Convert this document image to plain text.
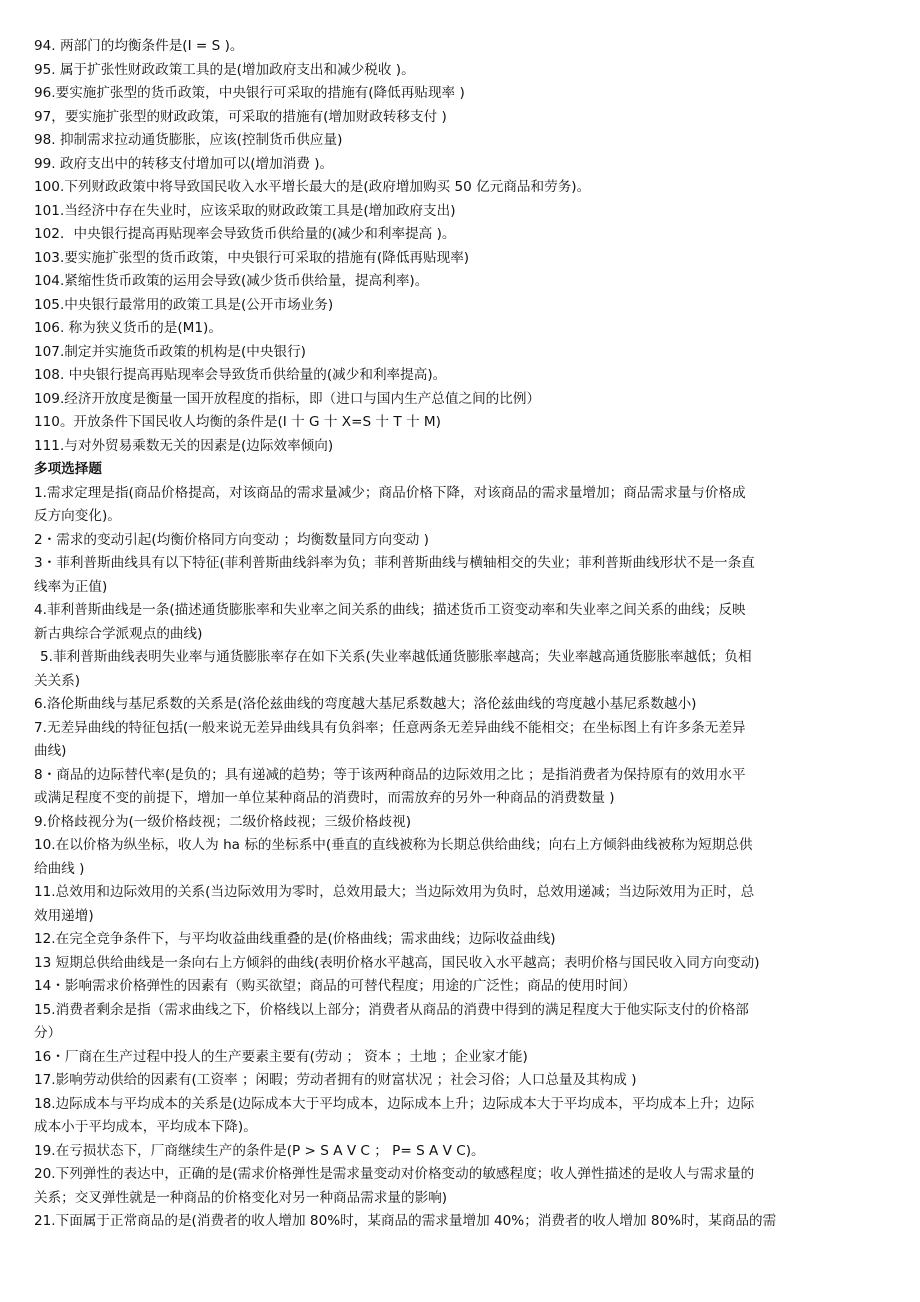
94. 两部门的均衡条件是(I = S )。

95. 属于扩张性财政政策工具的是(增加政府支出和减少税收 )。

96.要实施扩张型的货币政策，中央银行可采取的措施有(降低再贴现率 )

97，要实施扩张型的财政政策，可采取的措施有(增加财政转移支付 )

98. 抑制需求拉动通货膨胀，应该(控制货币供应量)

99. 政府支出中的转移支付增加可以(增加消费 )。

100.下列财政政策中将导致国民收入水平增长最大的是(政府增加购买 50 亿元商品和劳务)。

101.当经济中存在失业时，应该采取的财政政策工具是(增加政府支出)

102．中央银行提高再贴现率会导致货币供给量的(减少和利率提高 )。

103.要实施扩张型的货币政策，中央银行可采取的措施有(降低再贴现率)

104.紧缩性货币政策的运用会导致(减少货币供给量，提高利率)。

105.中央银行最常用的政策工具是(公开市场业务)

106. 称为狭义货币的是(M1)。

107.制定并实施货币政策的机构是(中央银行)

108. 中央银行提高再贴现率会导致货币供给量的(减少和利率提高)。

109.经济开放度是衡量一国开放程度的指标，即（进口与国内生产总值之间的比例）

110。开放条件下国民收人均衡的条件是(I 十 G 十 X=S 十 T 十 M)

111.与对外贸易乘数无关的因素是(边际效率倾向)

多项选择题

1.需求定理是指(商品价格提高，对该商品的需求量减少；商品价格下降，对该商品的需求量增加；商品需求量与价格成

反方向变化)。

2・需求的变动引起(均衡价格同方向变动 ；均衡数量同方向变动 )

3・菲利普斯曲线具有以下特征(菲利普斯曲线斜率为负；菲利普斯曲线与横轴相交的失业；菲利普斯曲线形状不是一条直

线率为正值)

4.菲利普斯曲线是一条(描述通货膨胀率和失业率之间关系的曲线；描述货币工资变动率和失业率之间关系的曲线；反映

新古典综合学派观点的曲线)

5.菲利普斯曲线表明失业率与通货膨胀率存在如下关系(失业率越低通货膨胀率越高；失业率越高通货膨胀率越低；负相

关关系)

6.洛伦斯曲线与基尼系数的关系是(洛伦兹曲线的弯度越大基尼系数越大；洛伦兹曲线的弯度越小基尼系数越小)

7.无差异曲线的特征包括(一般来说无差异曲线具有负斜率；任意两条无差异曲线不能相交；在坐标图上有许多条无差异

曲线)

8・商品的边际替代率(是负的；具有递减的趋势；等于该两种商品的边际效用之比 ；是指消费者为保持原有的效用水平

或满足程度不变的前提下，增加一单位某种商品的消费时，而需放弃的另外一种商品的消费数量 )

9.价格歧视分为(一级价格歧视；二级价格歧视；三级价格歧视)

10.在以价格为纵坐标，收人为 ha 标的坐标系中(垂直的直线被称为长期总供给曲线；向右上方倾斜曲线被称为短期总供

给曲线 )

11.总效用和边际效用的关系(当边际效用为零时，总效用最大；当边际效用为负时，总效用递减；当边际效用为正时，总

效用递增)

12.在完全竞争条件下，与平均收益曲线重叠的是(价格曲线；需求曲线；边际收益曲线)

13 短期总供给曲线是一条向右上方倾斜的曲线(表明价格水平越高，国民收入水平越高；表明价格与国民收入同方向变动)

14・影响需求价格弹性的因素有（购买欲望；商品的可替代程度；用途的广泛性；商品的使用时间）

15.消费者剩余是指（需求曲线之下，价格线以上部分；消费者从商品的消费中得到的满足程度大于他实际支付的价格部

分）

16・厂商在生产过程中投人的生产要素主要有(劳动 ； 资本 ；土地 ；企业家才能)

17.影响劳动供给的因素有(工资率 ；闲暇；劳动者拥有的财富状况 ；社会习俗；人口总量及其构成 )

18.边际成本与平均成本的关系是(边际成本大于平均成本，边际成本上升；边际成本大于平均成本，平均成本上升；边际

成本小于平均成本，平均成本下降)。

19.在亏损状态下，厂商继续生产的条件是(P > S A V C ； P= S A V C)。

20.下列弹性的表达中，正确的是(需求价格弹性是需求量变动对价格变动的敏感程度；收人弹性描述的是收人与需求量的

关系；交叉弹性就是一种商品的价格变化对另一种商品需求量的影响)

21.下面属于正常商品的是(消费者的收人增加 80%时，某商品的需求量增加 40%；消费者的收人增加 80%时，某商品的需
